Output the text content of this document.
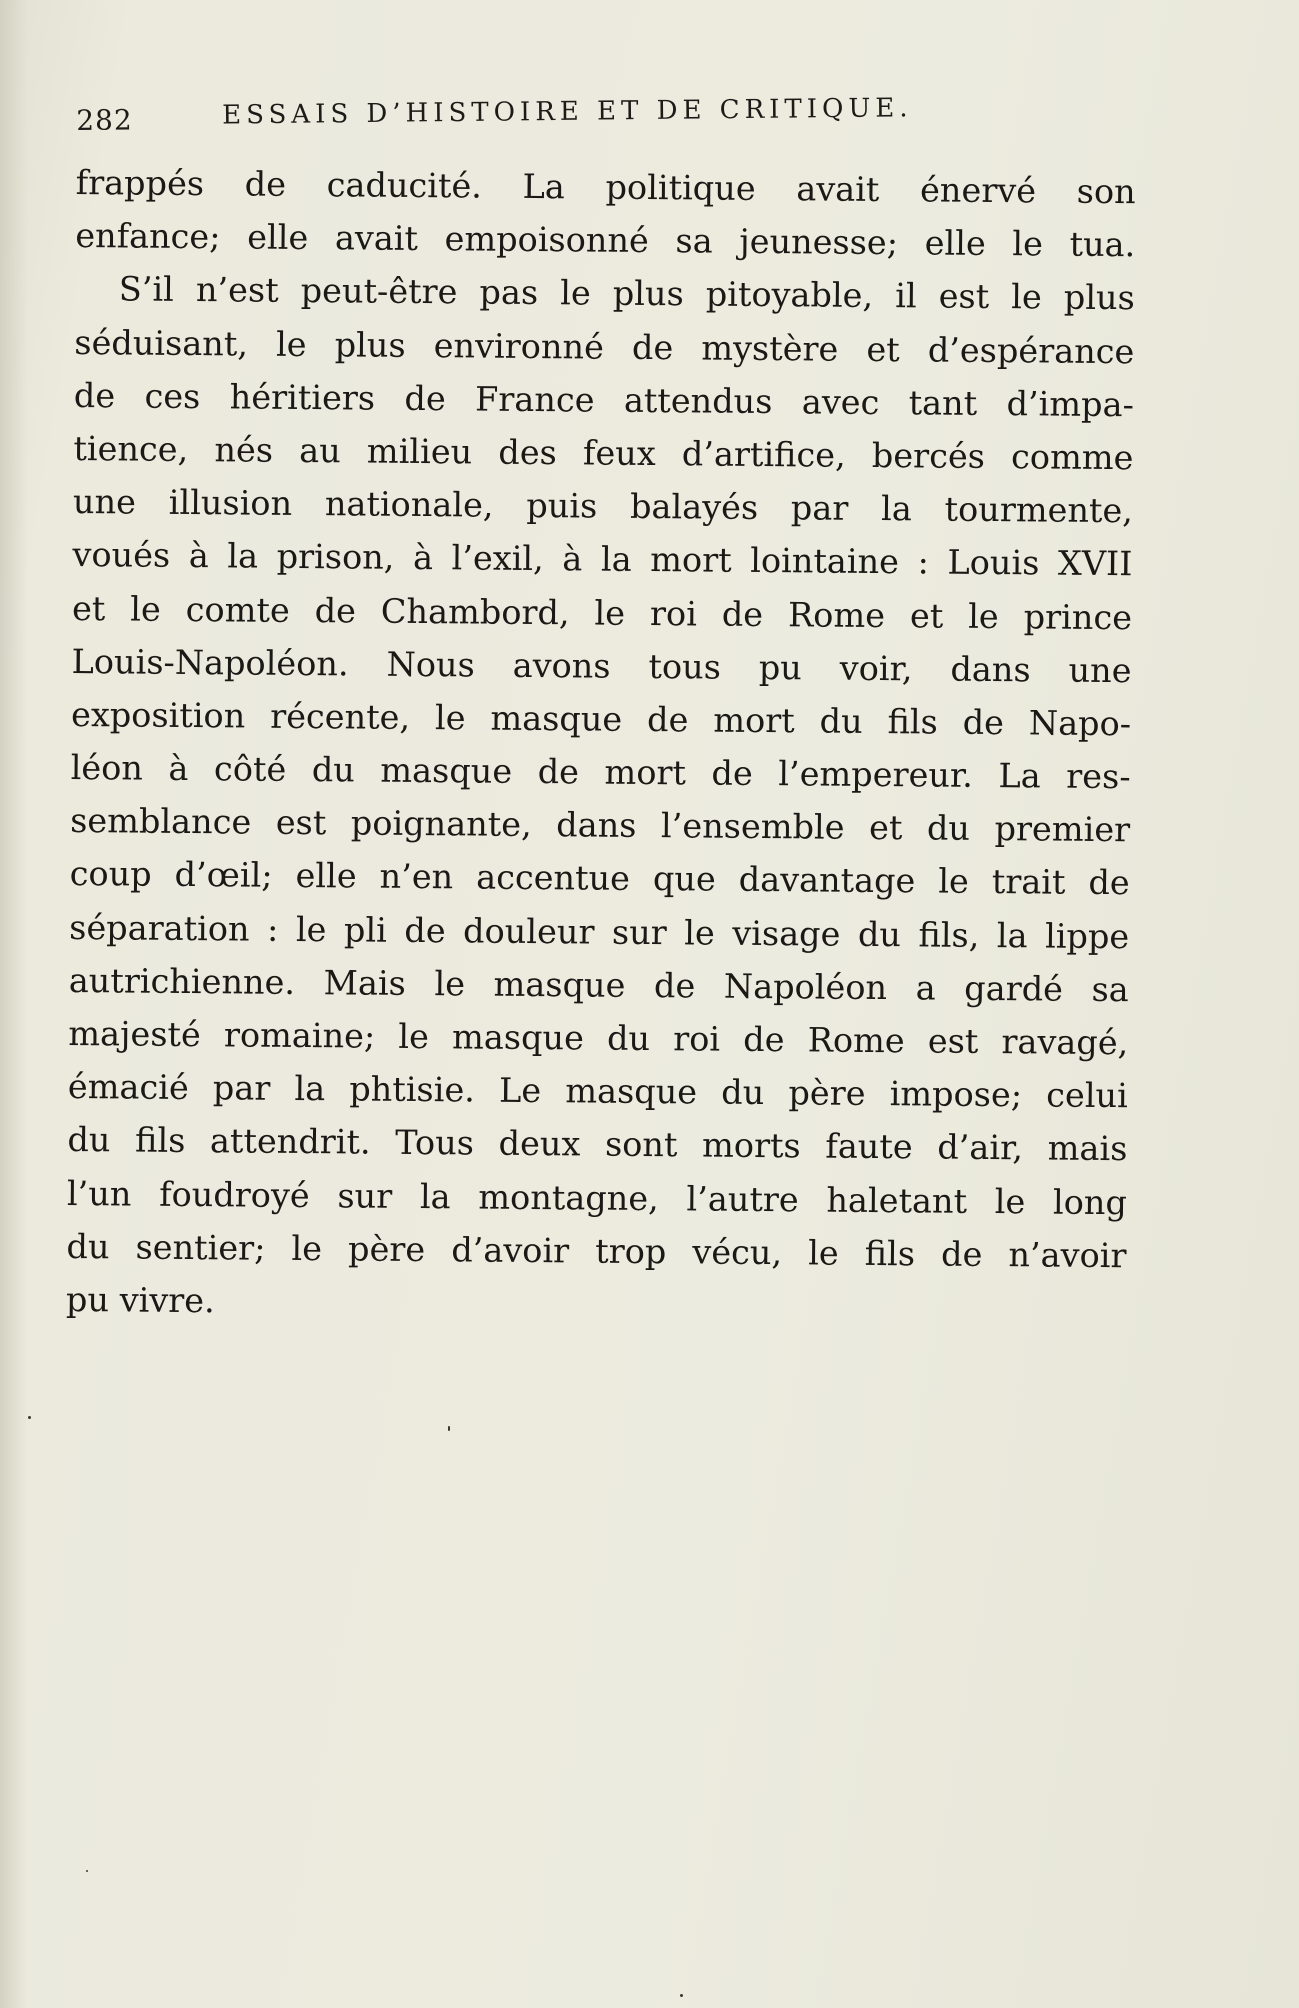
282	ESSAIS D’HISTOIRE ET DE CRITIQUE.
frappés de caducité. La politique avait énervé son
enfance; elle avait empoisonné sa jeunesse; elle le tua.
S’il n’est peut-être pas le plus pitoyable, il est le plus
séduisant, le plus environné de mystère et d’espérance
de ces héritiers de France attendus avec tant d’impa-
tience, nés au milieu des feux d’artifice, bercés comme
une illusion nationale, puis balayés par la tourmente,
voués à la prison, à l’exil, à la mort lointaine : Louis XVII
et le comte de Chambord, le roi de Rome et le prince
Louis-Napoléon. Nous avons tous pu voir, dans une
exposition récente, le masque de mort du fils de Napo-
léon à côté du masque de mort de l’empereur. La res-
semblance est poignante, dans l’ensemble et du premier
coup d’œil; elle n’en accentue que davantage le trait de
séparation : le pli de douleur sur le visage du fils, la lippe
autrichienne. Mais le masque de Napoléon a gardé sa
majesté romaine; le masque du roi de Rome est ravagé,
émacié par la phtisie. Le masque du père impose; celui
du fils attendrit. Tous deux sont morts faute d’air, mais
l’un foudroyé sur la montagne, l’autre haletant le long
du sentier; le père d’avoir trop vécu, le fils de n’avoir
pu vivre.
